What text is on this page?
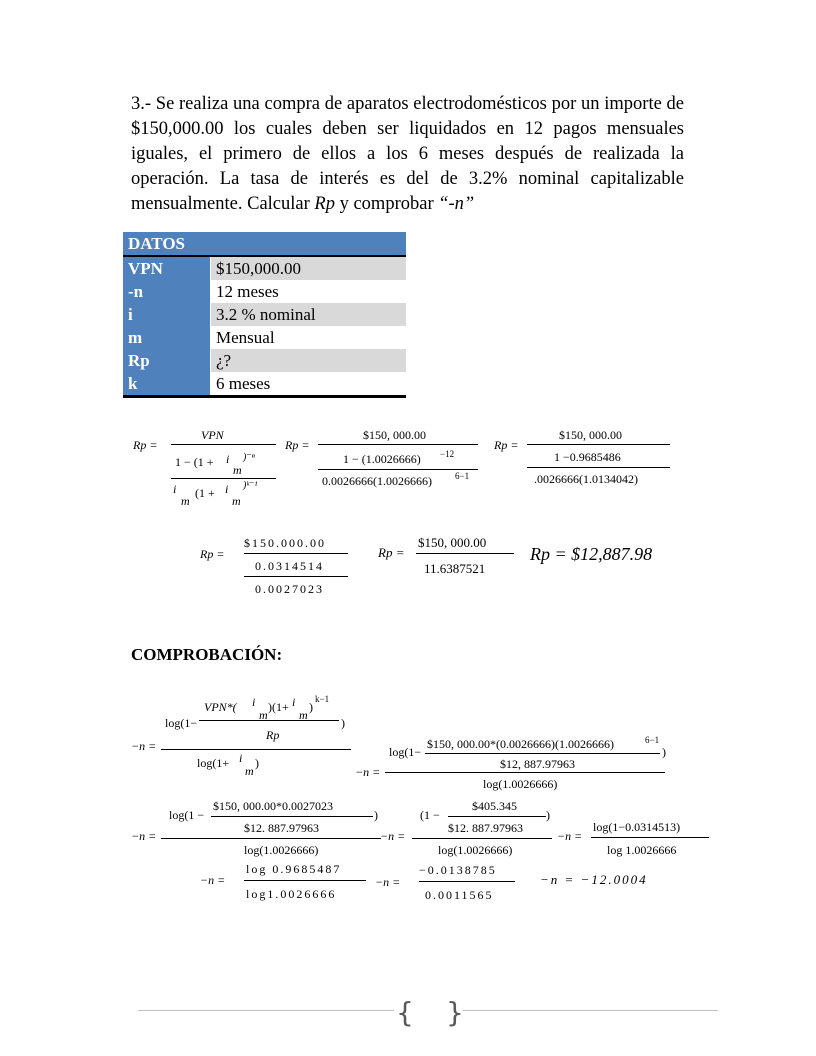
3.- Se realiza una compra de aparatos electrodomésticos por un importe de $150,000.00 los cuales deben ser liquidados en 12 pagos mensuales iguales, el primero de ellos a los 6 meses después de realizada la operación. La tasa de interés es del de 3.2% nominal capitalizable mensualmente. Calcular Rp y comprobar “-n”
DATOS	
VPN	$150,000.00
-n	12 meses
i	3.2 % nominal
m	Mensual
Rp	¿?
k	6 meses
Rp =
VPN
1 − (1 + i
m
)⁻ⁿ
i
m
(1 + i
m
)ᵏ⁻¹
Rp =
$150, 000.00
1 − (1.0026666) −12
0.0026666(1.0026666)	6−1
Rp =
$150, 000.00
1 −0.9685486
.0026666(1.0134042)
Rp =
$150.000.00
0.0314514
0.0027023
Rp =
$150, 000.00
11.6387521
Rp = $12,887.98
COMPROBACIÓN:
−n =
VPN*( i
m
)(1+ i
m
)
k−1
log(1−	)
Rp
log(1+ i
m
)
−n =
log(1−
$150, 000.00*(0.0026666)(1.0026666)	6−1
)
$12, 887.97963
log(1.0026666)
−n =
log(1 −
$150, 000.00*0.0027023
)
$12. 887.97963
log(1.0026666)
−n =
(1 −
$405.345
)
$12. 887.97963
log(1.0026666)
−n =
log(1−0.0314513)
log 1.0026666
−n =
log 0.9685487
log1.0026666
−n =
−0.0138785
0.0011565
−n = −12.0004
{ }
